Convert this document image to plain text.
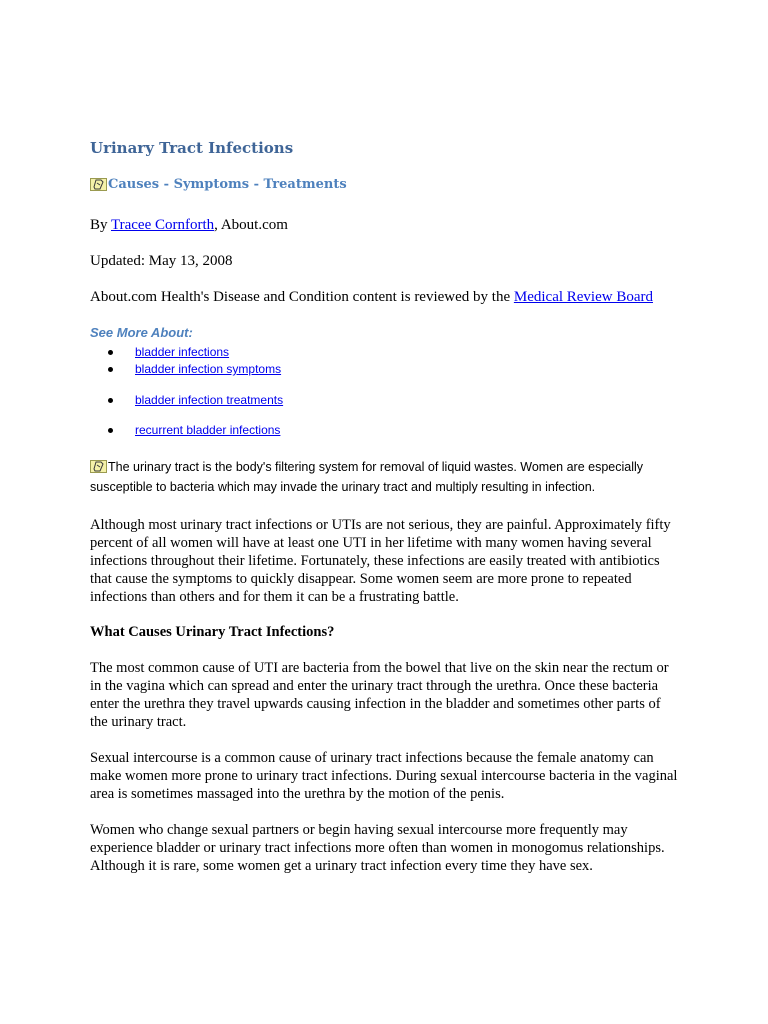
Urinary Tract Infections
Causes - Symptoms - Treatments
By Tracee Cornforth, About.com
Updated: May 13, 2008
About.com Health's Disease and Condition content is reviewed by the Medical Review Board
See More About:
bladder infections
bladder infection symptoms
bladder infection treatments
recurrent bladder infections
The urinary tract is the body's filtering system for removal of liquid wastes. Women are especially susceptible to bacteria which may invade the urinary tract and multiply resulting in infection.
Although most urinary tract infections or UTIs are not serious, they are painful. Approximately fifty percent of all women will have at least one UTI in her lifetime with many women having several infections throughout their lifetime. Fortunately, these infections are easily treated with antibiotics that cause the symptoms to quickly disappear. Some women seem are more prone to repeated infections than others and for them it can be a frustrating battle.
What Causes Urinary Tract Infections?
The most common cause of UTI are bacteria from the bowel that live on the skin near the rectum or in the vagina which can spread and enter the urinary tract through the urethra. Once these bacteria enter the urethra they travel upwards causing infection in the bladder and sometimes other parts of the urinary tract.
Sexual intercourse is a common cause of urinary tract infections because the female anatomy can make women more prone to urinary tract infections. During sexual intercourse bacteria in the vaginal area is sometimes massaged into the urethra by the motion of the penis.
Women who change sexual partners or begin having sexual intercourse more frequently may experience bladder or urinary tract infections more often than women in monogomus relationships. Although it is rare, some women get a urinary tract infection every time they have sex.
